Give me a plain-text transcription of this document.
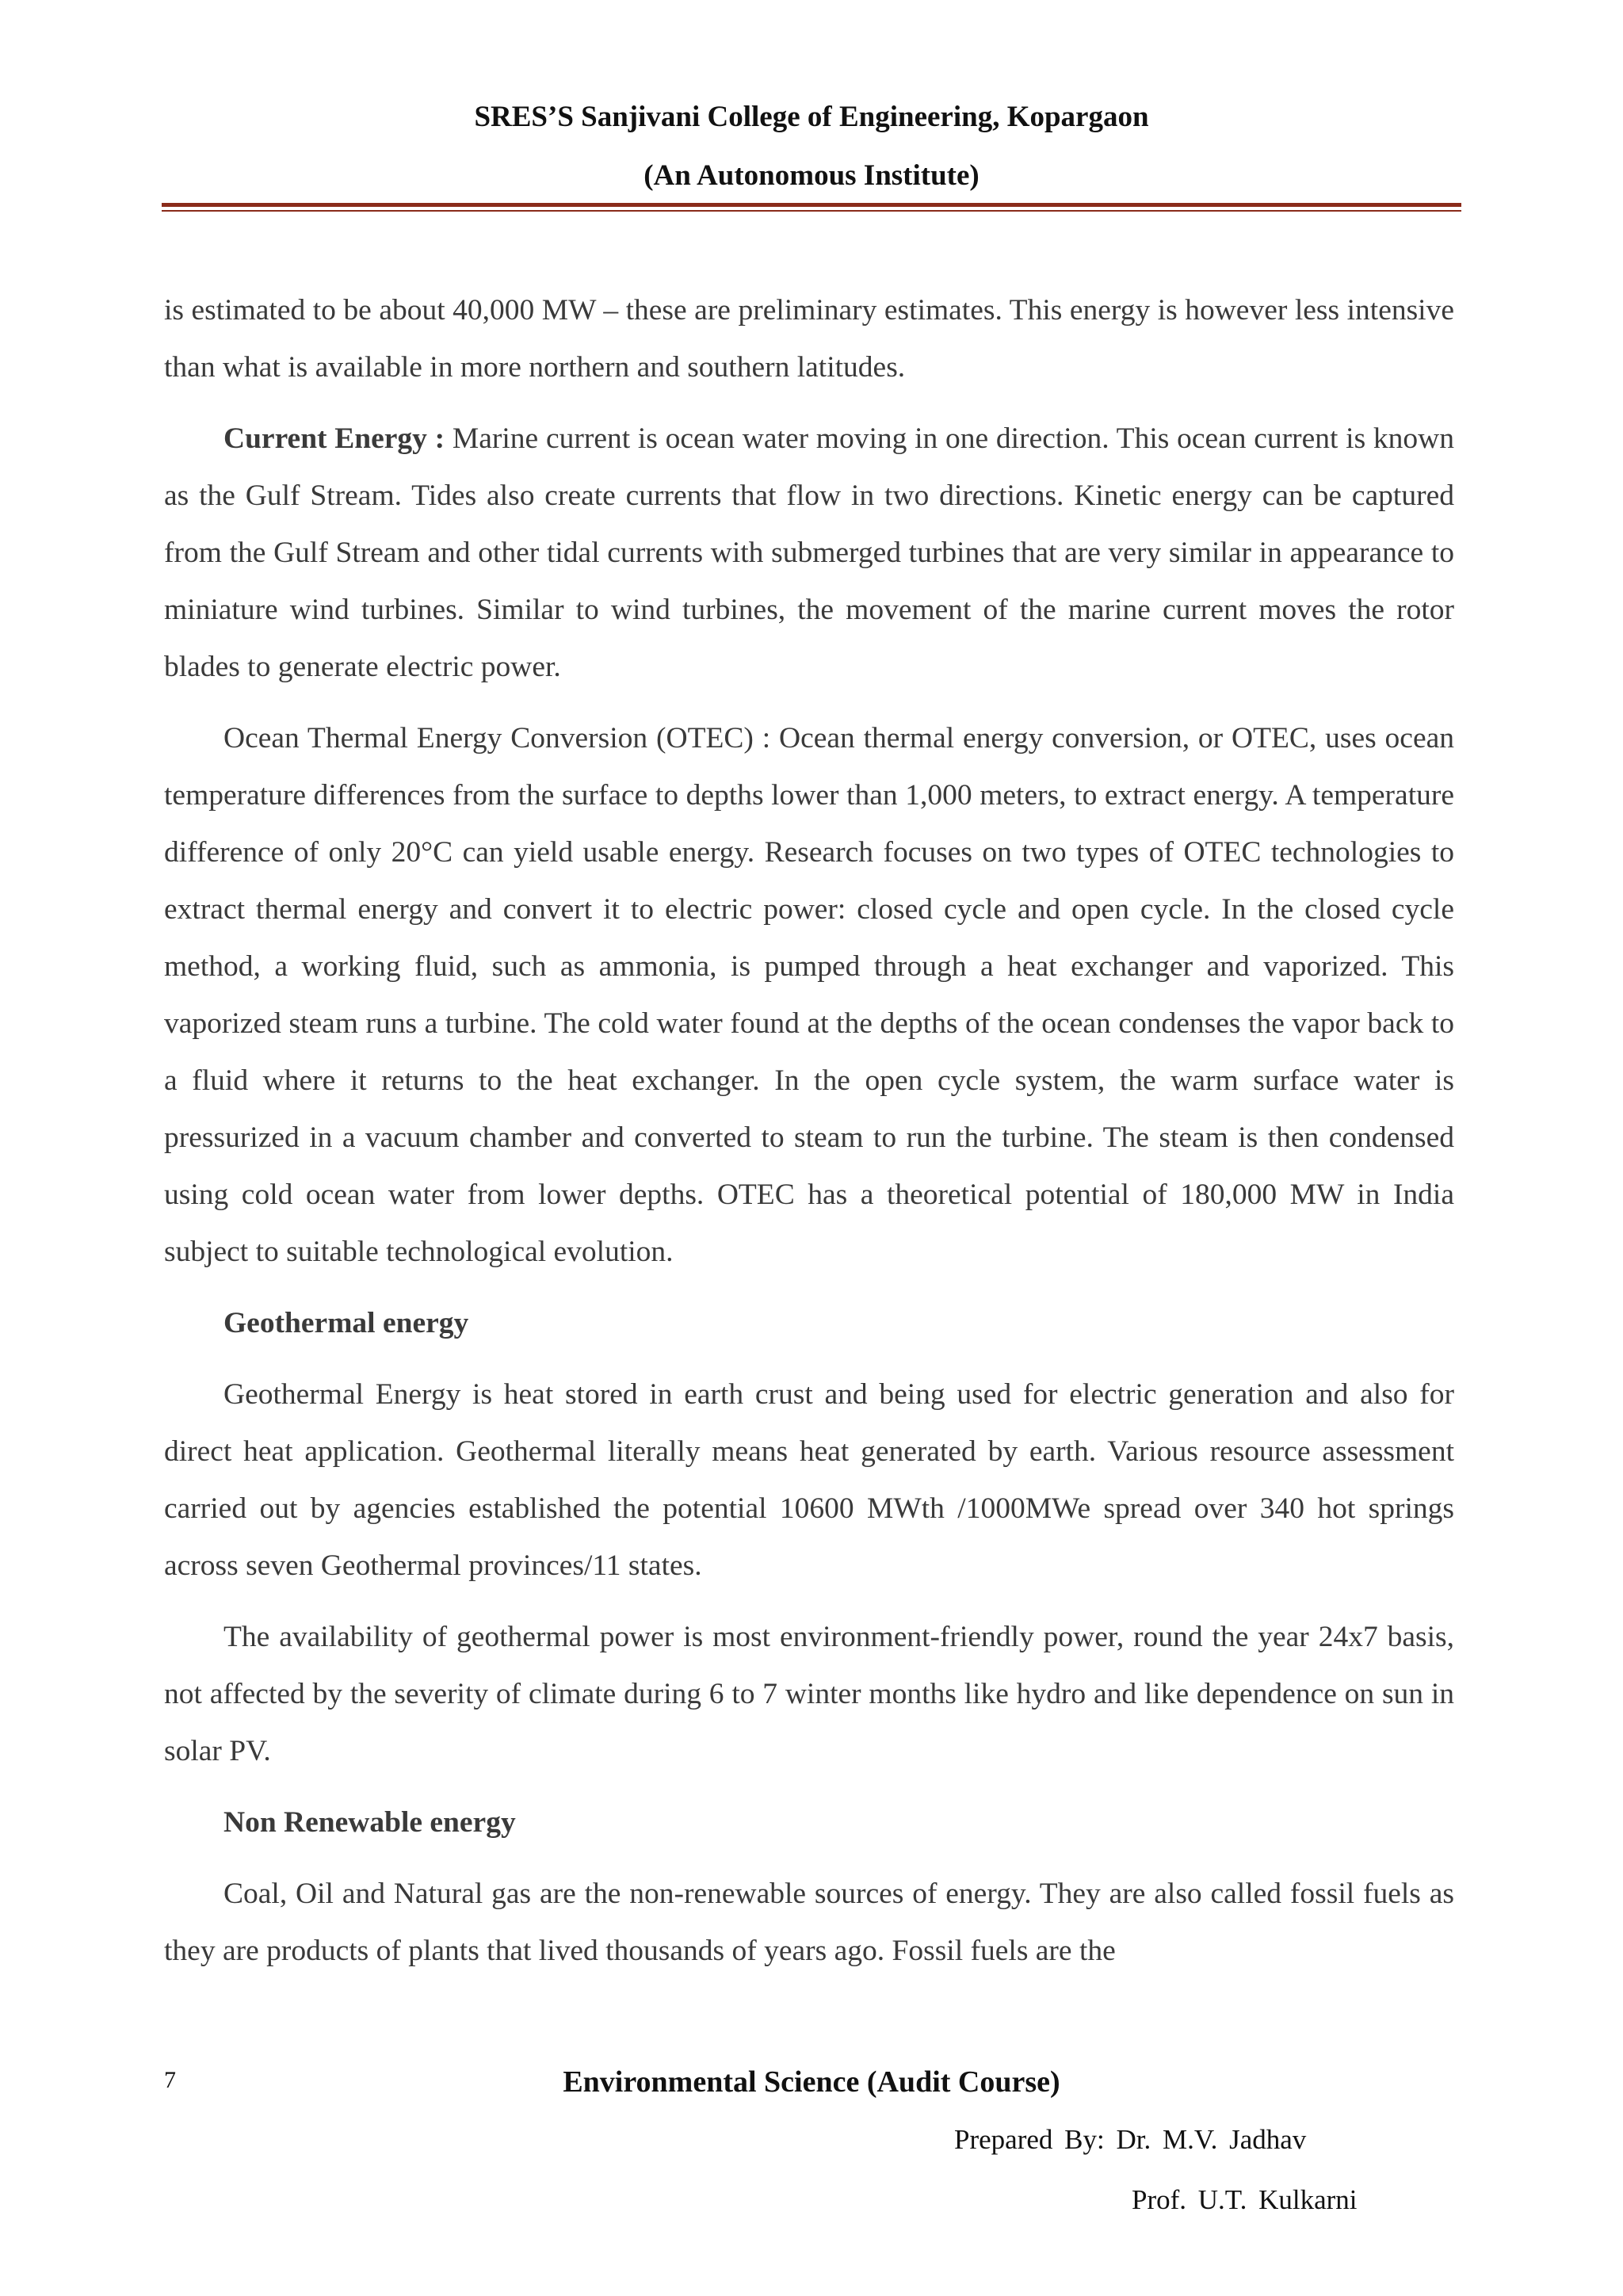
SRES’S Sanjivani College of Engineering, Kopargaon
(An Autonomous Institute)

is estimated to be about 40,000 MW – these are preliminary estimates. This energy is however less intensive than what is available in more northern and southern latitudes.

Current Energy : Marine current is ocean water moving in one direction. This ocean current is known as the Gulf Stream. Tides also create currents that flow in two directions. Kinetic energy can be captured from the Gulf Stream and other tidal currents with submerged turbines that are very similar in appearance to miniature wind turbines. Similar to wind turbines, the movement of the marine current moves the rotor blades to generate electric power.

Ocean Thermal Energy Conversion (OTEC) : Ocean thermal energy conversion, or OTEC, uses ocean temperature differences from the surface to depths lower than 1,000 meters, to extract energy. A temperature difference of only 20°C can yield usable energy. Research focuses on two types of OTEC technologies to extract thermal energy and convert it to electric power: closed cycle and open cycle. In the closed cycle method, a working fluid, such as ammonia, is pumped through a heat exchanger and vaporized. This vaporized steam runs a turbine. The cold water found at the depths of the ocean condenses the vapor back to a fluid where it returns to the heat exchanger. In the open cycle system, the warm surface water is pressurized in a vacuum chamber and converted to steam to run the turbine. The steam is then condensed using cold ocean water from lower depths. OTEC has a theoretical potential of 180,000 MW in India subject to suitable technological evolution.

Geothermal energy

Geothermal Energy is heat stored in earth crust and being used for electric generation and also for direct heat application. Geothermal literally means heat generated by earth. Various resource assessment carried out by agencies established the potential 10600 MWth /1000MWe spread over 340 hot springs across seven Geothermal provinces/11 states.

The availability of geothermal power is most environment-friendly power, round the year 24x7 basis, not affected by the severity of climate during 6 to 7 winter months like hydro and like dependence on sun in solar PV.

Non Renewable energy

Coal, Oil and Natural gas are the non-renewable sources of energy. They are also called fossil fuels as they are products of plants that lived thousands of years ago. Fossil fuels are the

7	Environmental Science (Audit Course)
Prepared By: Dr. M.V. Jadhav
Prof. U.T. Kulkarni
